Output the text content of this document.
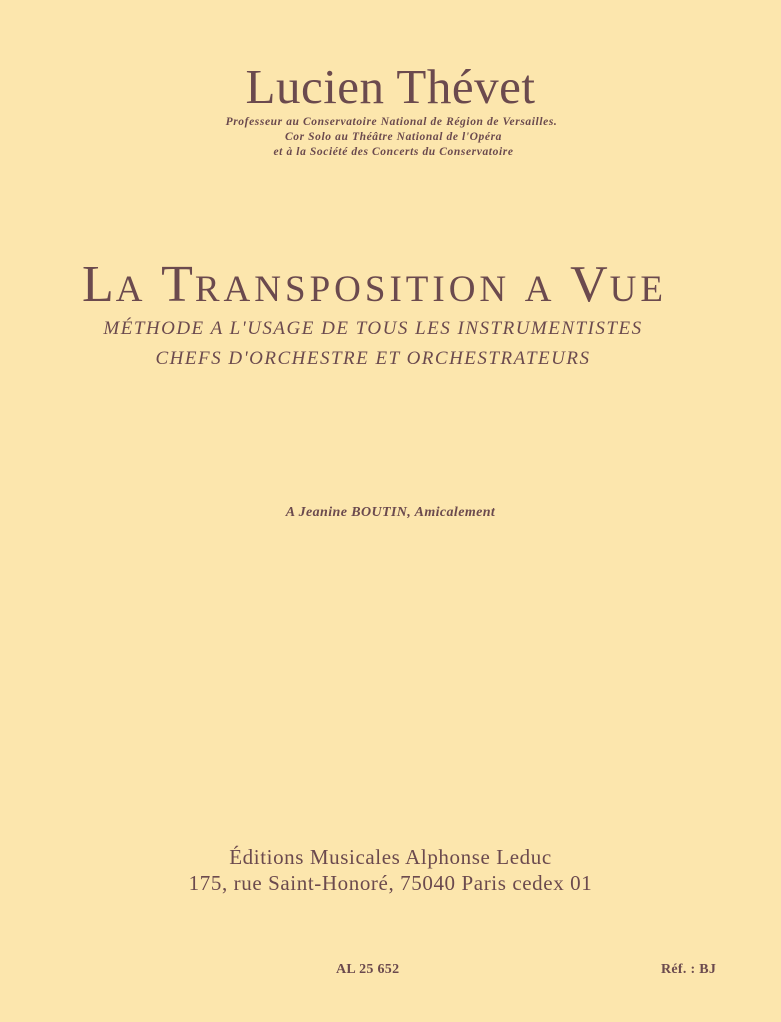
Lucien Thévet
Professeur au Conservatoire National de Région de Versailles.
Cor Solo au Théâtre National de l'Opéra
et à la Société des Concerts du Conservatoire
LA TRANSPOSITION A VUE
MÉTHODE A L'USAGE DE TOUS LES INSTRUMENTISTES
CHEFS D'ORCHESTRE ET ORCHESTRATEURS
A Jeanine BOUTIN, Amicalement
Éditions Musicales Alphonse Leduc
175, rue Saint-Honoré, 75040 Paris cedex 01
AL 25 652	Réf. : BJ
